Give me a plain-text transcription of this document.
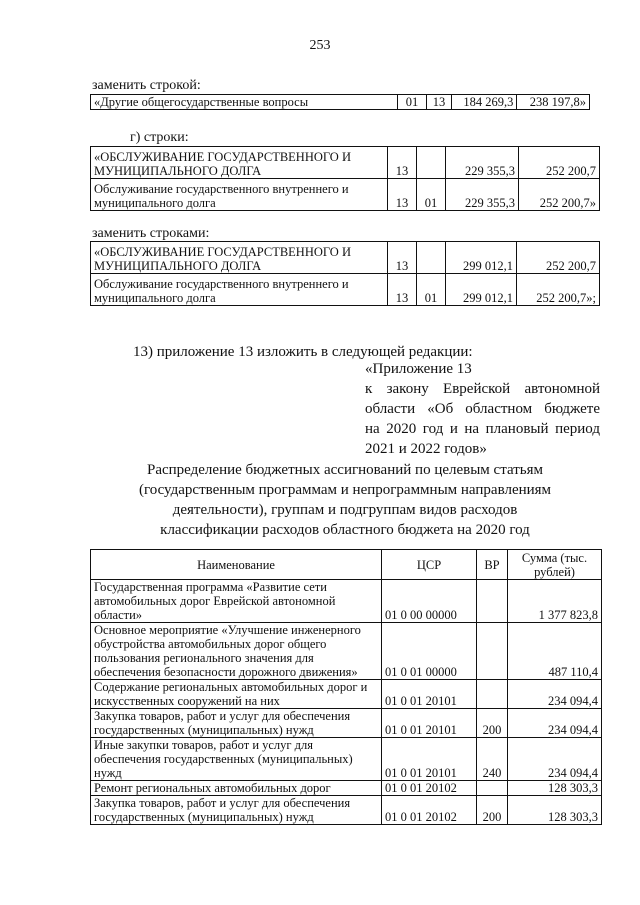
253
заменить строкой:
«Другие общегосударственные вопросы	01	13	184 269,3	238 197,8»
г) строки:
«ОБСЛУЖИВАНИЕ ГОСУДАРСТВЕННОГО И МУНИЦИПАЛЬНОГО ДОЛГА	13		229 355,3	252 200,7
Обслуживание государственного внутреннего и муниципального долга	13	01	229 355,3	252 200,7»
заменить строками:
«ОБСЛУЖИВАНИЕ ГОСУДАРСТВЕННОГО И МУНИЦИПАЛЬНОГО ДОЛГА	13		299 012,1	252 200,7
Обслуживание государственного внутреннего и муниципального долга	13	01	299 012,1	252 200,7»;
13) приложение 13 изложить в следующей редакции:
«Приложение 13
к закону Еврейской автономной
области «Об областном бюджете
на 2020 год и на плановый период
2021 и 2022 годов»
Распределение бюджетных ассигнований по целевым статьям
(государственным программам и непрограммным направлениям
деятельности), группам и подгруппам видов расходов
классификации расходов областного бюджета на 2020 год
Наименование	ЦСР	ВР	Сумма (тыс. рублей)
Государственная программа «Развитие сети автомобильных дорог Еврейской автономной области»	01 0 00 00000		1 377 823,8
Основное мероприятие «Улучшение инженерного обустройства автомобильных дорог общего пользования регионального значения для обеспечения безопасности дорожного движения»	01 0 01 00000		487 110,4
Содержание региональных автомобильных дорог и искусственных сооружений на них	01 0 01 20101		234 094,4
Закупка товаров, работ и услуг для обеспечения государственных (муниципальных) нужд	01 0 01 20101	200	234 094,4
Иные закупки товаров, работ и услуг для обеспечения государственных (муниципальных) нужд	01 0 01 20101	240	234 094,4
Ремонт региональных автомобильных дорог	01 0 01 20102		128 303,3
Закупка товаров, работ и услуг для обеспечения государственных (муниципальных) нужд	01 0 01 20102	200	128 303,3
